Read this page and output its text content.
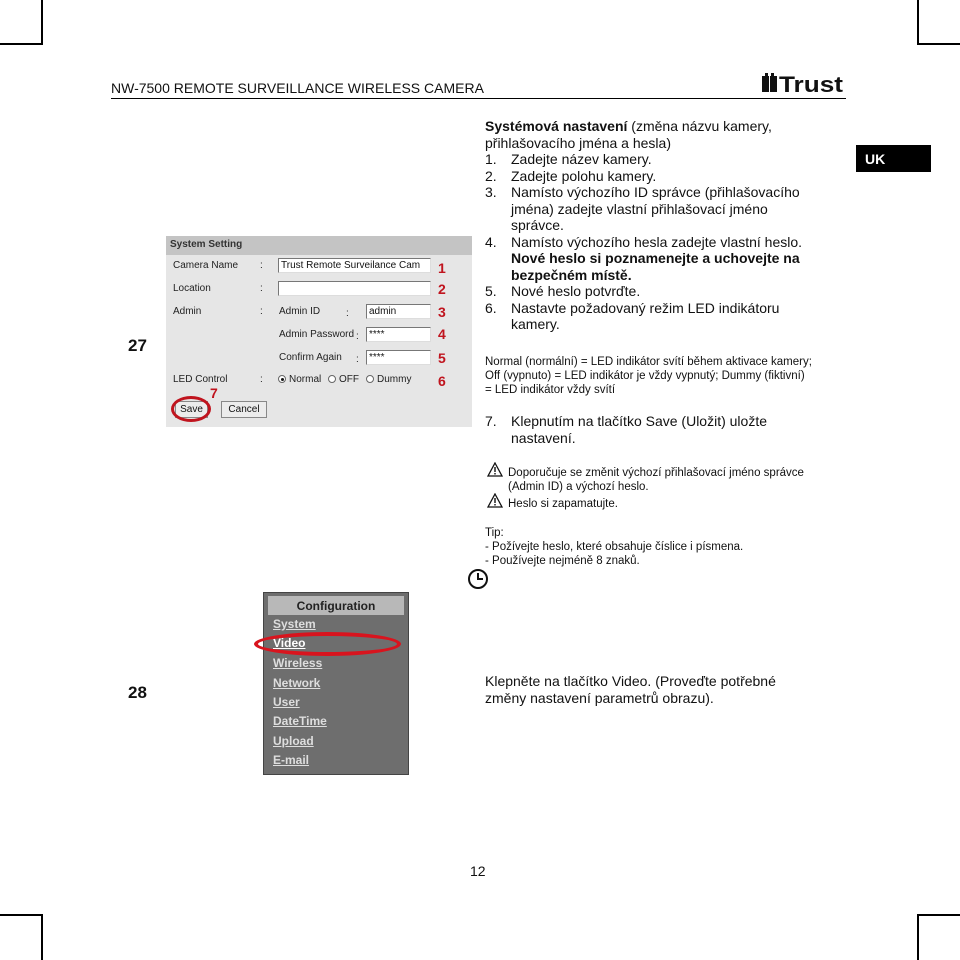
NW-7500 REMOTE SURVEILLANCE WIRELESS CAMERA	Trust
UK
27
Systémová nastavení (změna názvu kamery,
přihlašovacího jména a hesla)
1. Zadejte název kamery.
2. Zadejte polohu kamery.
3. Namísto výchozího ID správce (přihlašovacího
jména) zadejte vlastní přihlašovací jméno
správce.
4. Namísto výchozího hesla zadejte vlastní heslo.
Nové heslo si poznamenejte a uchovejte na
bezpečném místě.
5. Nové heslo potvrďte.
6. Nastavte požadovaný režim LED indikátoru
kamery.
Normal (normální) = LED indikátor svítí během aktivace kamery;
Off (vypnuto) = LED indikátor je vždy vypnutý; Dummy (fiktivní)
= LED indikátor vždy svítí
7. Klepnutím na tlačítko Save (Uložit) uložte
nastavení.
Doporučuje se změnit výchozí přihlašovací jméno správce
(Admin ID) a výchozí heslo.
Heslo si zapamatujte.
Tip:
- Požívejte heslo, které obsahuje číslice i písmena.
- Používejte nejméně 8 znaků.
System Setting
Camera Name :	Trust Remote Surveilance Cam
Location	:
Admin	: Admin ID	:	admin
Admin Password :	****
Confirm Again :	****
LED Control	:	Normal OFF Dummy
Save	Cancel
1
2
3
4
5
6
7
28
Klepněte na tlačítko Video. (Proveďte potřebné
změny nastavení parametrů obrazu).
Configuration
System
Video
Wireless
Network
User
DateTime
Upload
E-mail
12
